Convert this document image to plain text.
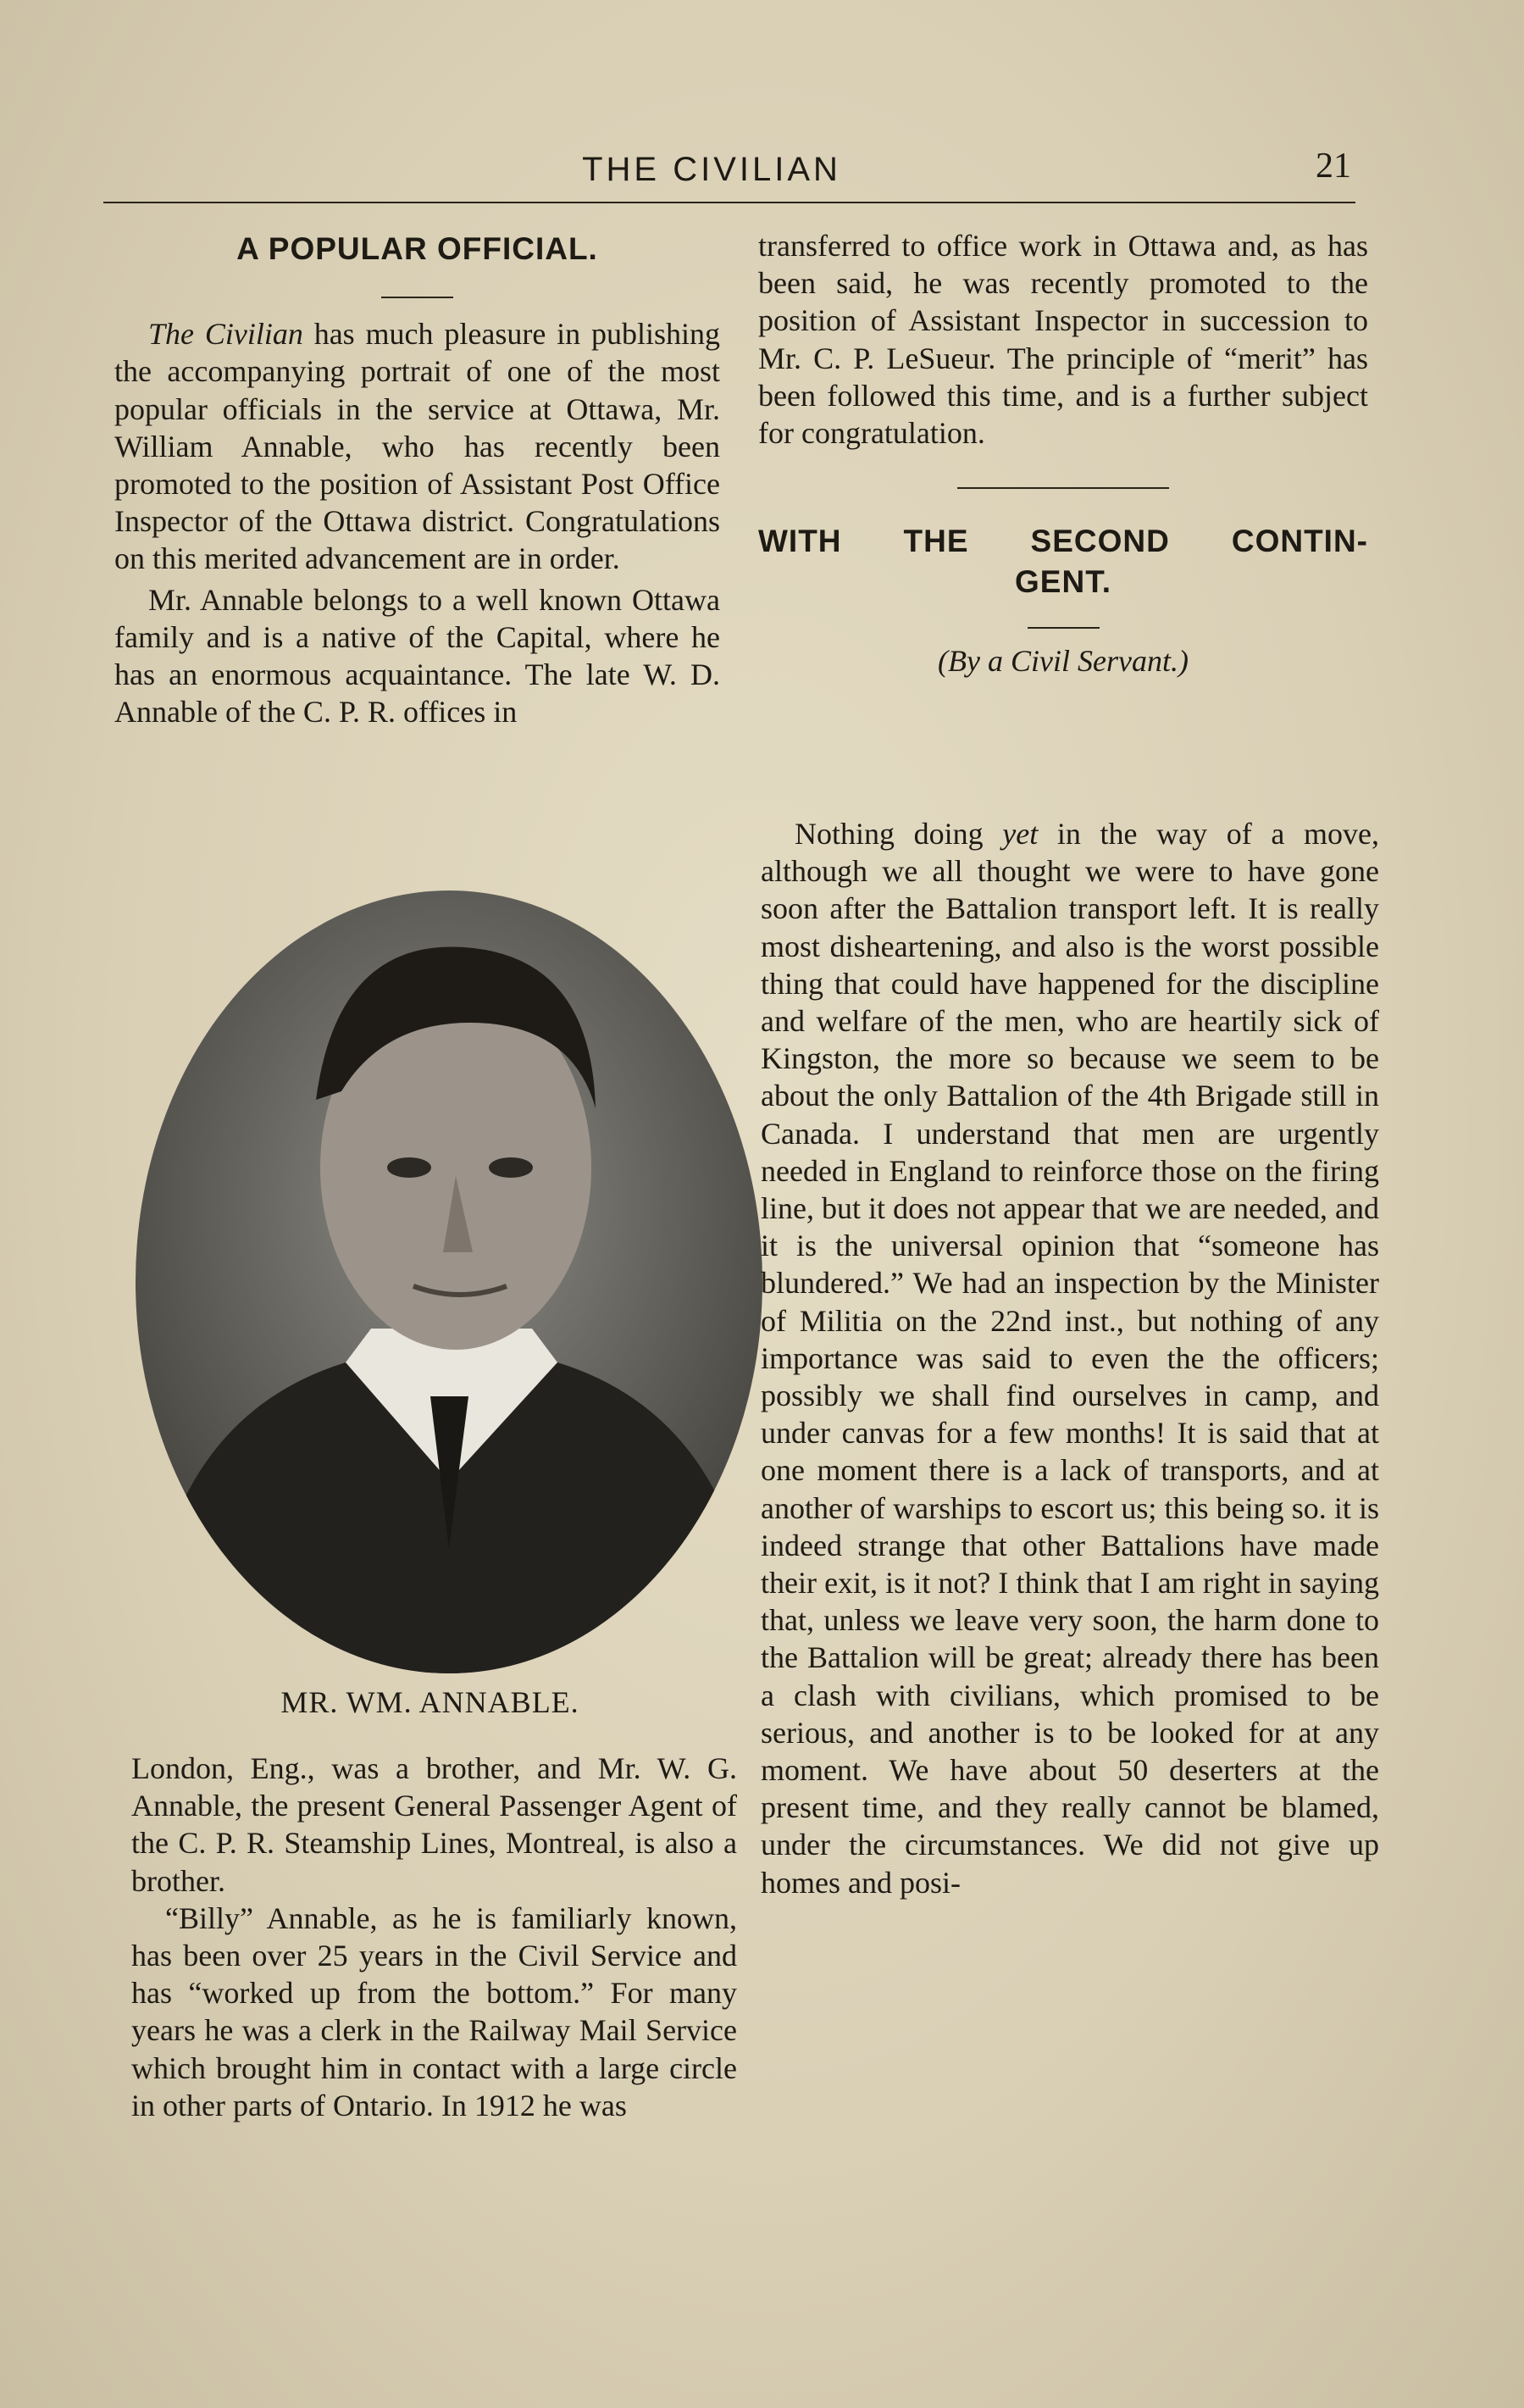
THE CIVILIAN	21
A POPULAR OFFICIAL.

The Civilian has much pleasure in publishing the accompanying portrait of one of the most popular officials in the service at Ottawa, Mr. William Annable, who has recently been promoted to the position of Assistant Post Office Inspector of the Ottawa district. Congratulations on this merited advancement are in order.

Mr. Annable belongs to a well known Ottawa family and is a native of the Capital, where he has an enormous acquaintance. The late W. D. Annable of the C. P. R. offices in

MR. WM. ANNABLE.

London, Eng., was a brother, and Mr. W. G. Annable, the present General Passenger Agent of the C. P. R. Steamship Lines, Montreal, is also a brother.

“Billy” Annable, as he is familiarly known, has been over 25 years in the Civil Service and has “worked up from the bottom.” For many years he was a clerk in the Railway Mail Service which brought him in contact with a large circle in other parts of Ontario. In 1912 he was

transferred to office work in Ottawa and, as has been said, he was recently promoted to the position of Assistant Inspector in succession to Mr. C. P. LeSueur. The principle of “merit” has been followed this time, and is a further subject for congratulation.

WITH THE SECOND CONTIN-
GENT.

(By a Civil Servant.)

Nothing doing yet in the way of a move, although we all thought we were to have gone soon after the Battalion transport left. It is really most disheartening, and also is the worst possible thing that could have happened for the discipline and welfare of the men, who are heartily sick of Kingston, the more so because we seem to be about the only Battalion of the 4th Brigade still in Canada. I understand that men are urgently needed in England to reinforce those on the firing line, but it does not appear that we are needed, and it is the universal opinion that “someone has blundered.” We had an inspection by the Minister of Militia on the 22nd inst., but nothing of any importance was said to even the the officers; possibly we shall find ourselves in camp, and under canvas for a few months! It is said that at one moment there is a lack of transports, and at another of warships to escort us; this being so. it is indeed strange that other Battalions have made their exit, is it not? I think that I am right in saying that, unless we leave very soon, the harm done to the Battalion will be great; already there has been a clash with civilians, which promised to be serious, and another is to be looked for at any moment. We have about 50 deserters at the present time, and they really cannot be blamed, under the circumstances. We did not give up homes and posi-
